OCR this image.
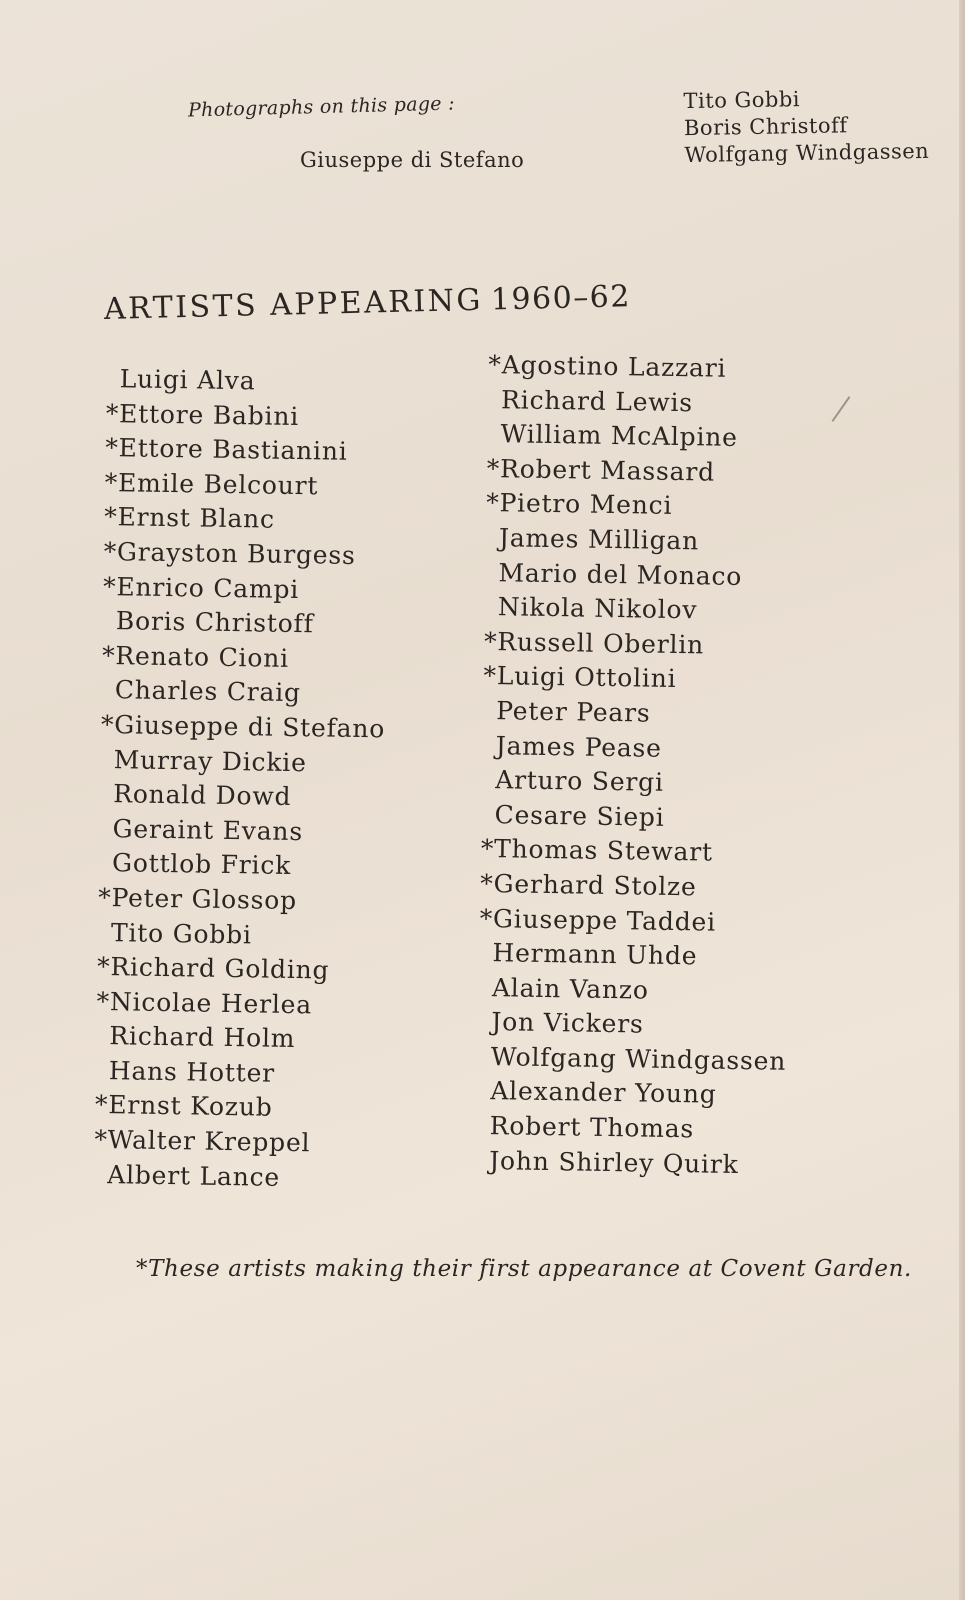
Photographs on this page :
Giuseppe di Stefano
Tito Gobbi
Boris Christoff
Wolfgang Windgassen
ARTISTS APPEARING 1960–62
Luigi Alva
*Ettore Babini
*Ettore Bastianini
*Emile Belcourt
*Ernst Blanc
*Grayston Burgess
*Enrico Campi
Boris Christoff
*Renato Cioni
Charles Craig
*Giuseppe di Stefano
Murray Dickie
Ronald Dowd
Geraint Evans
Gottlob Frick
*Peter Glossop
Tito Gobbi
*Richard Golding
*Nicolae Herlea
Richard Holm
Hans Hotter
*Ernst Kozub
*Walter Kreppel
Albert Lance
*Agostino Lazzari
Richard Lewis
William McAlpine
*Robert Massard
*Pietro Menci
James Milligan
Mario del Monaco
Nikola Nikolov
*Russell Oberlin
*Luigi Ottolini
Peter Pears
James Pease
Arturo Sergi
Cesare Siepi
*Thomas Stewart
*Gerhard Stolze
*Giuseppe Taddei
Hermann Uhde
Alain Vanzo
Jon Vickers
Wolfgang Windgassen
Alexander Young
Robert Thomas
John Shirley Quirk
*These artists making their first appearance at Covent Garden.
